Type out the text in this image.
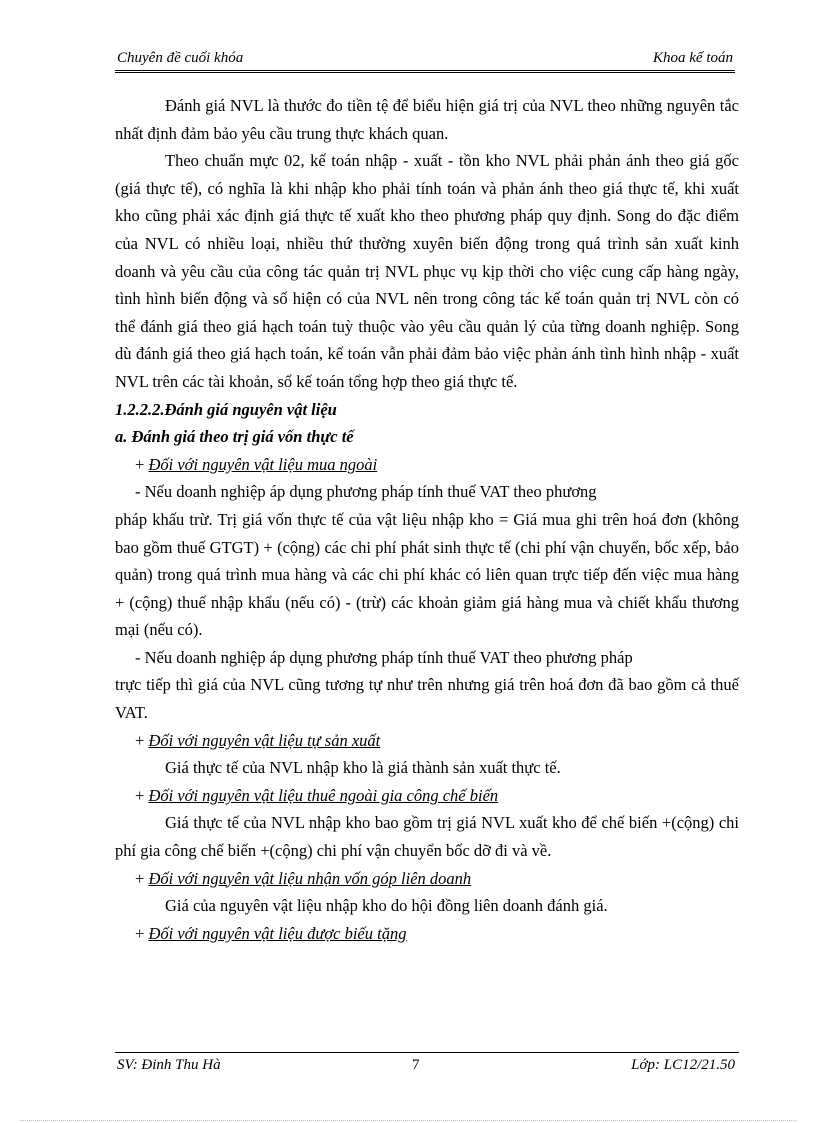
Chuyên đề cuối khóa	Khoa kế toán

Đánh giá NVL là thước đo tiền tệ để biểu hiện giá trị của NVL theo những nguyên tắc nhất định đảm bảo yêu cầu trung thực khách quan.

Theo chuẩn mực 02, kế toán nhập - xuất - tồn kho NVL phải phản ánh theo giá gốc (giá thực tế), có nghĩa là khi nhập kho phải tính toán và phản ánh theo giá thực tế, khi xuất kho cũng phải xác định giá thực tế xuất kho theo phương pháp quy định. Song do đặc điểm của NVL có nhiều loại, nhiều thứ thường xuyên biến động trong quá trình sản xuất kinh doanh và yêu cầu của công tác quản trị NVL phục vụ kịp thời cho việc cung cấp hàng ngày, tình hình biến động và số hiện có của NVL nên trong công tác kế toán quản trị NVL còn có thể đánh giá theo giá hạch toán tuỳ thuộc vào yêu cầu quản lý của từng doanh nghiệp. Song dù đánh giá theo giá hạch toán, kế toán vẫn phải đảm bảo việc phản ánh tình hình nhập - xuất NVL trên các tài khoản, sổ kế toán tổng hợp theo giá thực tế.

1.2.2.2.Đánh giá nguyên vật liệu

a. Đánh giá theo trị giá vốn thực tế

+ Đối với nguyên vật liệu mua ngoài

- Nếu doanh nghiệp áp dụng phương pháp tính thuế VAT theo phương

pháp khấu trừ. Trị giá vốn thực tế của vật liệu nhập kho = Giá mua ghi trên hoá đơn (không bao gồm thuế GTGT) + (cộng) các chi phí phát sinh thực tế (chi phí vận chuyển, bốc xếp, bảo quản) trong quá trình mua hàng và các chi phí khác có liên quan trực tiếp đến việc mua hàng + (cộng) thuế nhập khẩu (nếu có) - (trừ) các khoản giảm giá hàng mua và chiết khấu thương mại (nếu có).

- Nếu doanh nghiệp áp dụng phương pháp tính thuế VAT theo phương pháp

trực tiếp thì giá của NVL cũng tương tự như trên nhưng giá trên hoá đơn đã bao gồm cả thuế VAT.

+ Đối với nguyên vật liệu tự sản xuất

Giá thực tế của NVL nhập kho là giá thành sản xuất thực tế.

+ Đối với nguyên vật liệu thuê ngoài gia công chế biến

Giá thực tế của NVL nhập kho bao gồm trị giá NVL xuất kho để chế biến +(cộng) chi phí gia công chế biến +(cộng) chi phí vận chuyển bốc dỡ đi và về.

+ Đối với nguyên vật liệu nhận vốn góp liên doanh

Giá của nguyên vật liệu nhập kho do hội đồng liên doanh đánh giá.

+ Đối với nguyên vật liệu được biếu tặng

SV: Đinh Thu Hà	7	Lớp: LC12/21.50
